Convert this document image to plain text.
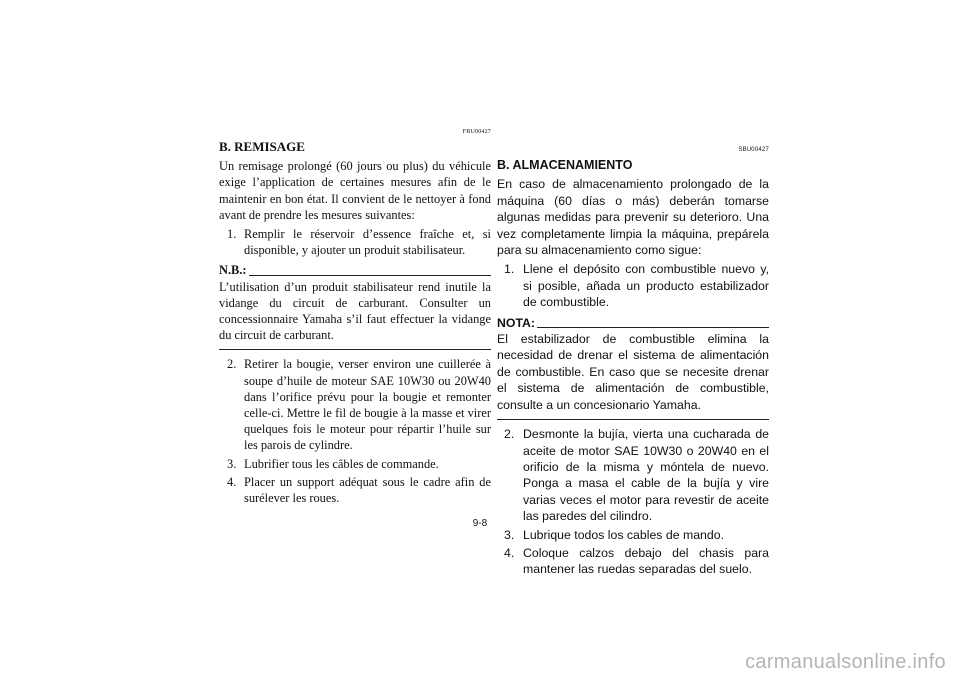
FBU00427
B. REMISAGE

Un remisage prolongé (60 jours ou plus) du véhicule exige l’application de certaines mesures afin de le maintenir en bon état. Il convient de le nettoyer à fond avant de prendre les mesures suivantes:

1. Remplir le réservoir d’essence fraîche et, si disponible, y ajouter un produit stabilisateur.
N.B.:
L’utilisation d’un produit stabilisateur rend inutile la vidange du circuit de carburant. Consulter un concessionnaire Yamaha s’il faut effectuer la vidange du circuit de carburant.
2. Retirer la bougie, verser environ une cuillerée à soupe d’huile de moteur SAE 10W30 ou 20W40 dans l’orifice prévu pour la bougie et remonter celle-ci. Mettre le fil de bougie à la masse et virer quelques fois le moteur pour répartir l’huile sur les parois de cylindre.
3. Lubrifier tous les câbles de commande.
4. Placer un support adéquat sous le cadre afin de surélever les roues.
SBU00427
B. ALMACENAMIENTO

En caso de almacenamiento prolongado de la máquina (60 días o más) deberán tomarse algunas medidas para prevenir su deterioro. Una vez completamente limpia la máquina, prepárela para su almacenamiento como sigue:

1. Llene el depósito con combustible nuevo y, si posible, añada un producto estabilizador de combustible.
NOTA:
El estabilizador de combustible elimina la necesidad de drenar el sistema de alimentación de combustible. En caso que se necesite drenar el sistema de alimentación de combustible, consulte a un concesionario Yamaha.
2. Desmonte la bujía, vierta una cucharada de aceite de motor SAE 10W30 o 20W40 en el orificio de la misma y móntela de nuevo. Ponga a masa el cable de la bujía y vire varias veces el motor para revestir de aceite las paredes del cilindro.
3. Lubrique todos los cables de mando.
4. Coloque calzos debajo del chasis para mantener las ruedas separadas del suelo.
9-8
carmanualsonline.info
